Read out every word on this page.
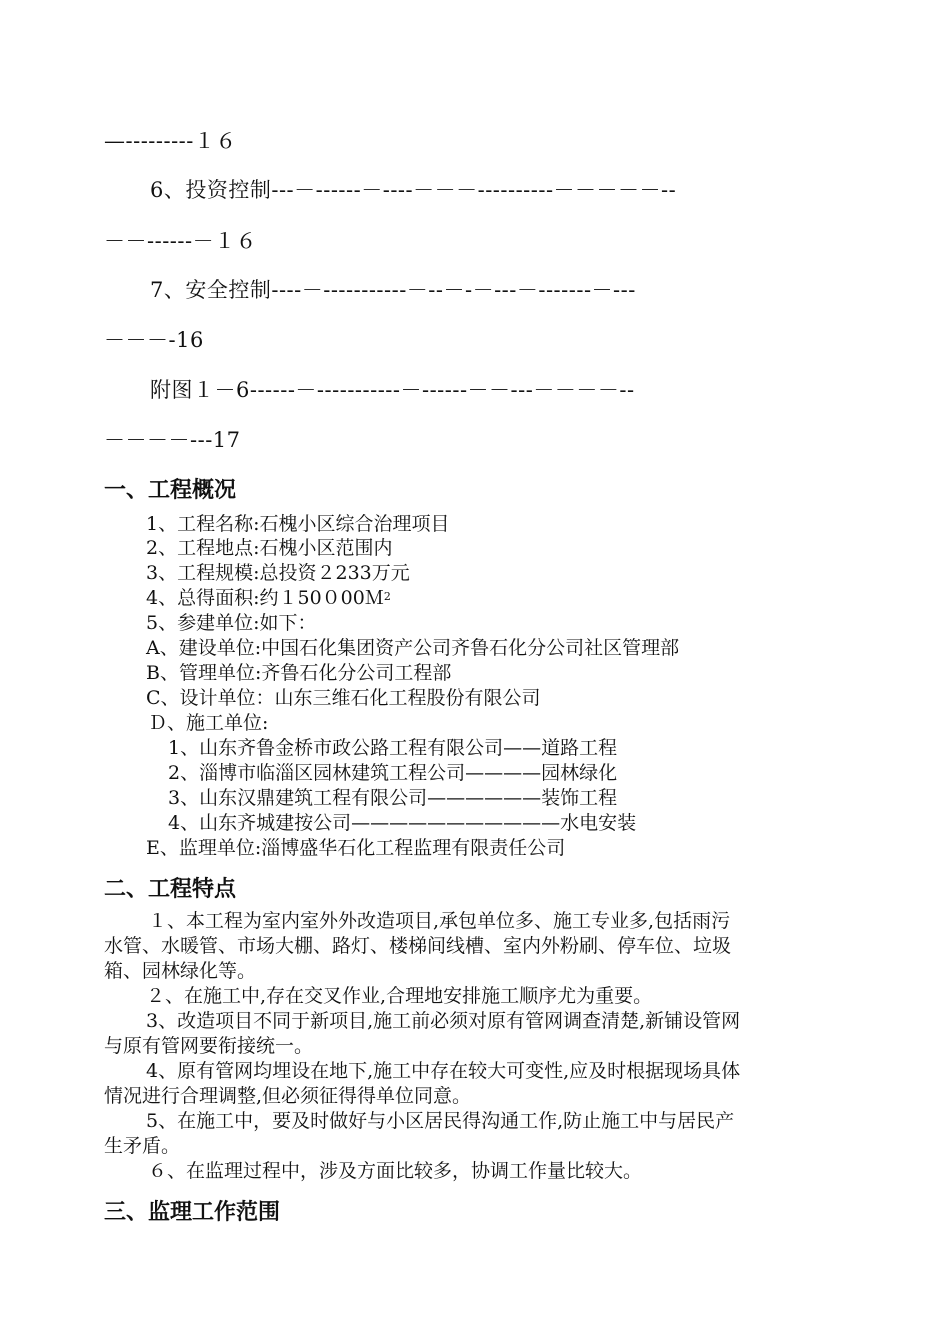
—---------１６
6、投资控制---－------－----－－－----------－－－－－--
－－------－１６
7、安全控制----－-----------－--－-－---－-------－---
－－－-16
附图１－6------－-----------－------－－---－－－－--
－－－－---17
一、工程概况
1、工程名称:石槐小区综合治理项目
2、工程地点:石槐小区范围内
3、工程规模:总投资２233万元
4、总得面积:约１50０00Ｍ$^2$
5、参建单位:如下：
A、建设单位:中国石化集团资产公司齐鲁石化分公司社区管理部
B、管理单位:齐鲁石化分公司工程部
C、设计单位：山东三维石化工程股份有限公司
Ｄ、施工单位:
1、山东齐鲁金桥市政公路工程有限公司——道路工程
2、淄博市临淄区园林建筑工程公司————园林绿化
3、山东汉鼎建筑工程有限公司——————装饰工程
4、山东齐城建按公司———————————水电安装
E、监理单位:淄博盛华石化工程监理有限责任公司
二、工程特点
１、本工程为室内室外外改造项目,承包单位多、施工专业多,包括雨污
水管、水暖管、市场大棚、路灯、楼梯间线槽、室内外粉刷、停车位、垃圾
箱、园林绿化等。
２、在施工中,存在交叉作业,合理地安排施工顺序尤为重要。
3、改造项目不同于新项目,施工前必须对原有管网调查清楚,新铺设管网
与原有管网要衔接统一。
4、原有管网均埋设在地下,施工中存在较大可变性,应及时根据现场具体
情况进行合理调整,但必须征得得单位同意。
5、在施工中，要及时做好与小区居民得沟通工作,防止施工中与居民产
生矛盾。
６、在监理过程中，涉及方面比较多，协调工作量比较大。
三、监理工作范围
